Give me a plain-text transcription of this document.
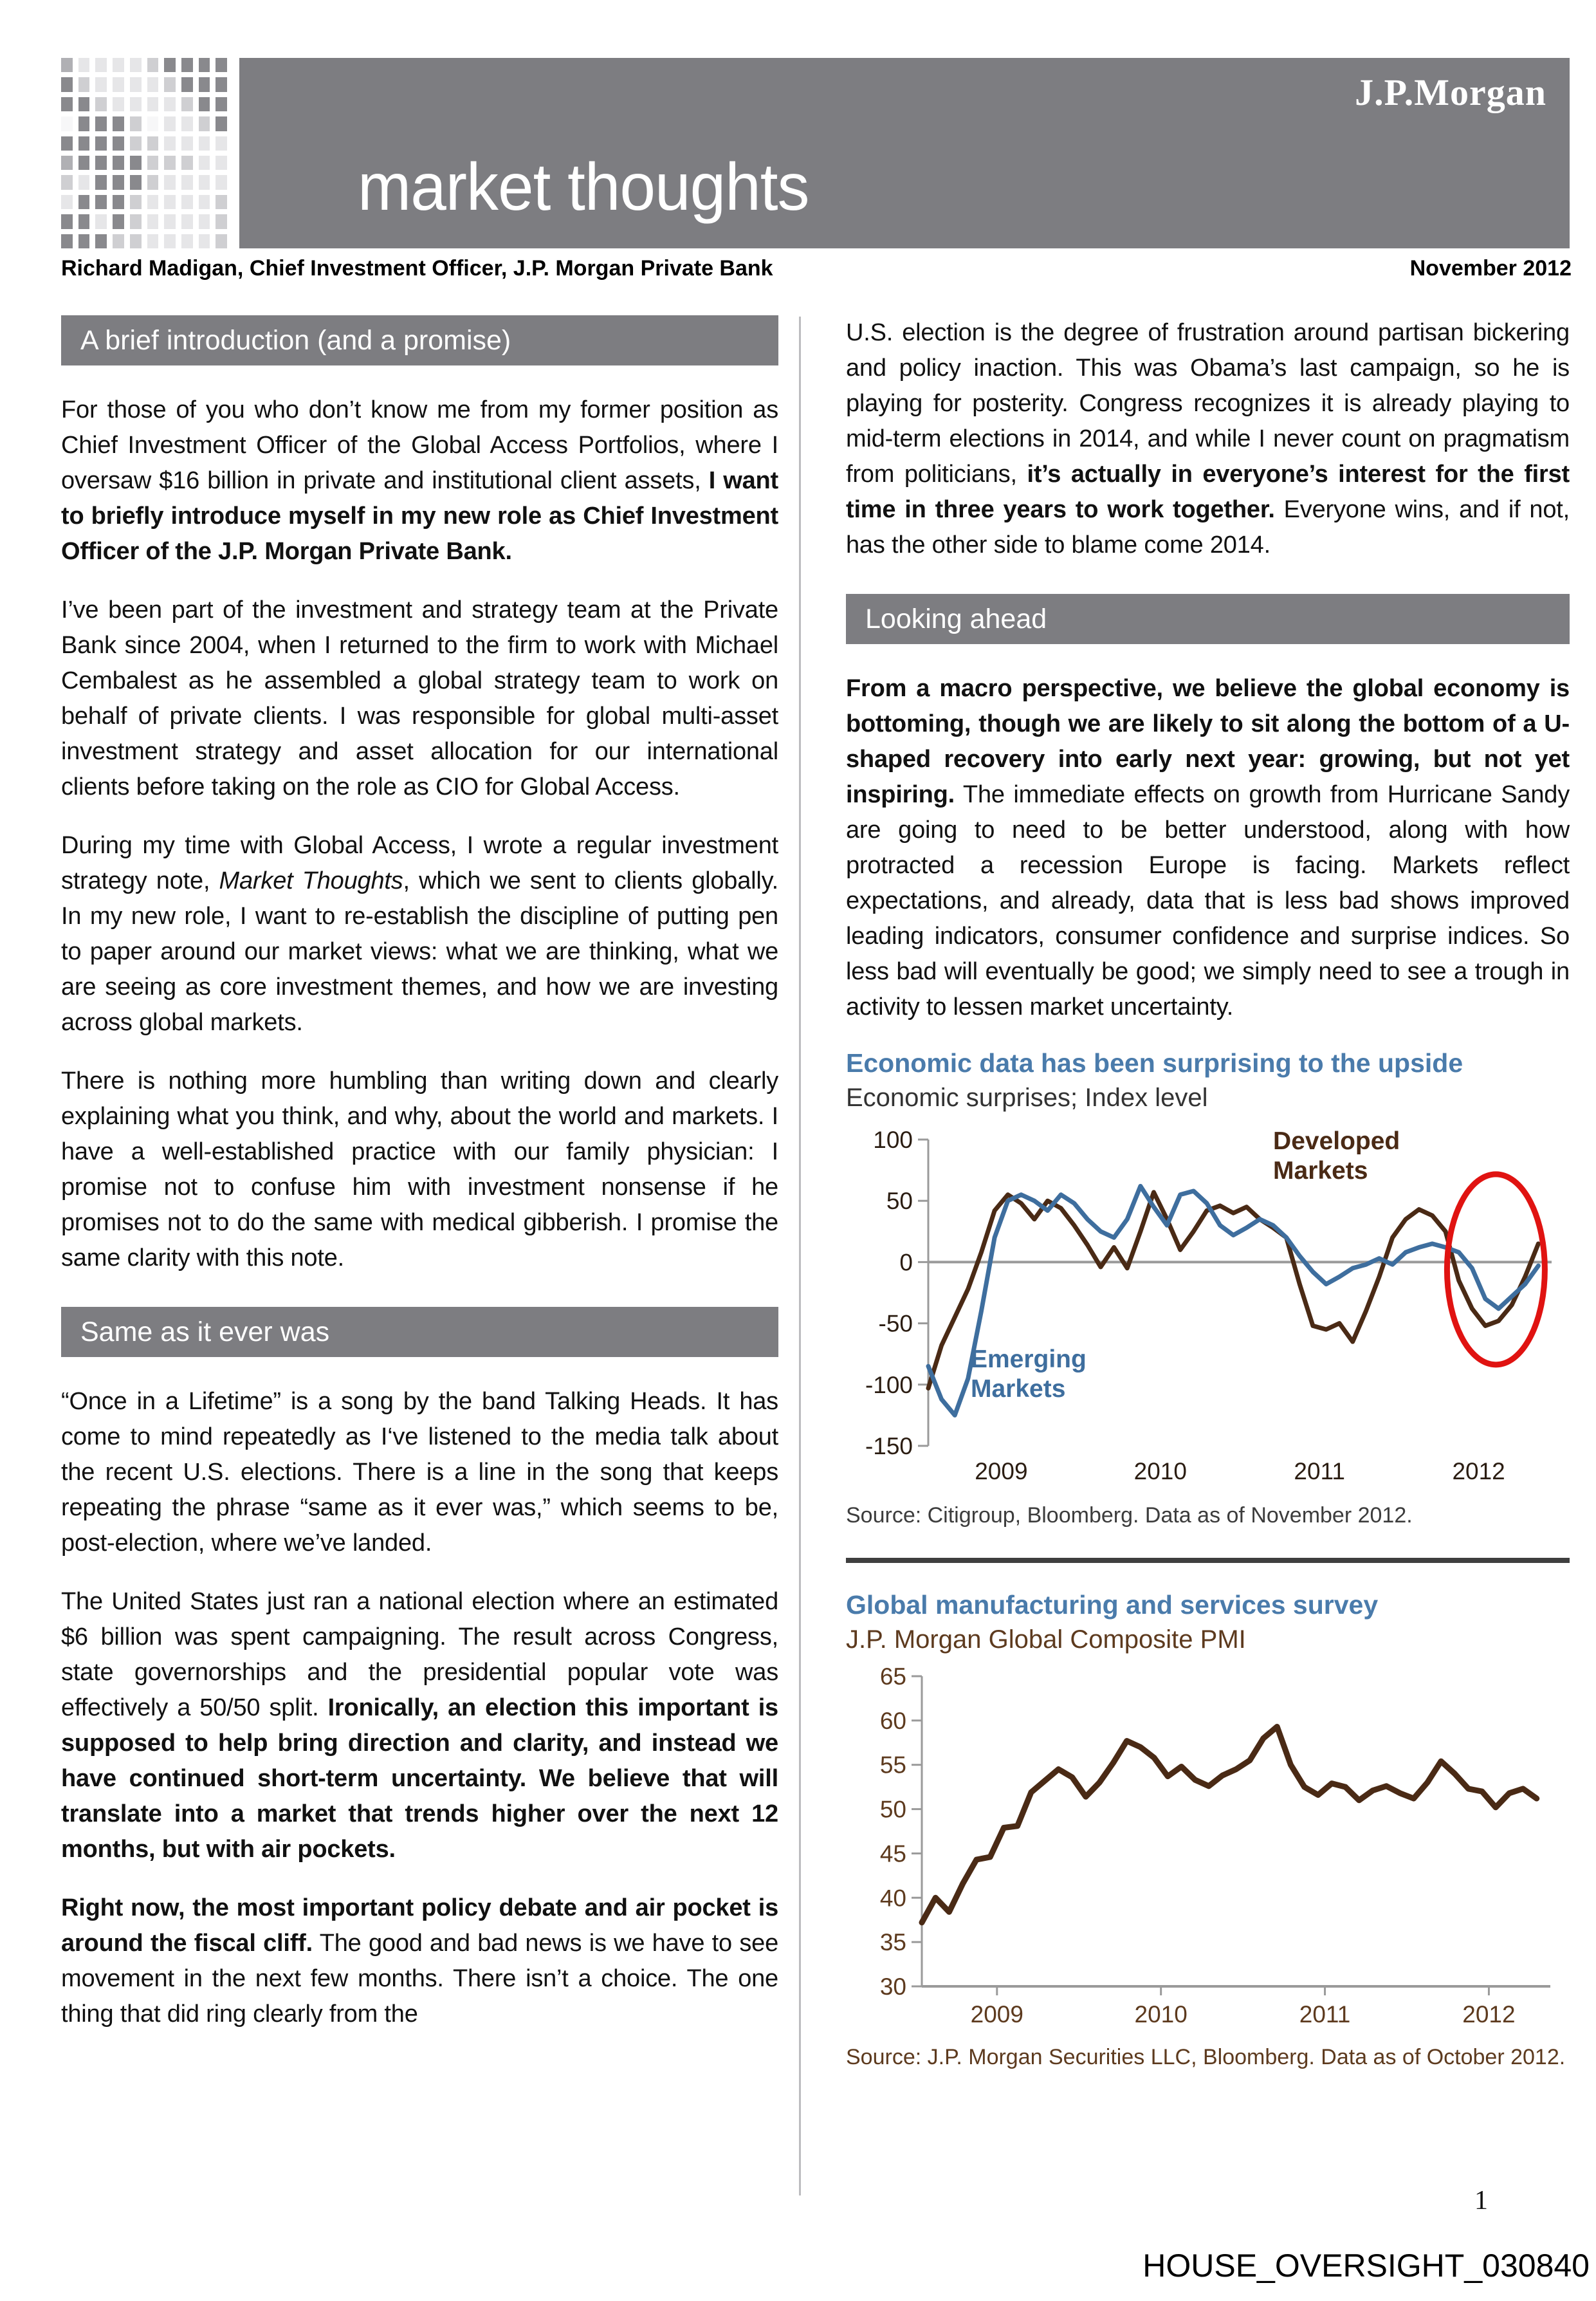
market thoughts
J.P.Morgan
Richard Madigan, Chief Investment Officer, J.P. Morgan Private Bank	November 2012
A brief introduction (and a promise)

For those of you who don’t know me from my former position as Chief Investment Officer of the Global Access Portfolios, where I oversaw $16 billion in private and institutional client assets, I want to briefly introduce myself in my new role as Chief Investment Officer of the J.P. Morgan Private Bank.

I’ve been part of the investment and strategy team at the Private Bank since 2004, when I returned to the firm to work with Michael Cembalest as he assembled a global strategy team to work on behalf of private clients. I was responsible for global multi-asset investment strategy and asset allocation for our international clients before taking on the role as CIO for Global Access.

During my time with Global Access, I wrote a regular investment strategy note, Market Thoughts, which we sent to clients globally. In my new role, I want to re-establish the discipline of putting pen to paper around our market views: what we are thinking, what we are seeing as core investment themes, and how we are investing across global markets.

There is nothing more humbling than writing down and clearly explaining what you think, and why, about the world and markets. I have a well-established practice with our family physician: I promise not to confuse him with investment nonsense if he promises not to do the same with medical gibberish. I promise the same clarity with this note.

Same as it ever was

“Once in a Lifetime” is a song by the band Talking Heads. It has come to mind repeatedly as I‘ve listened to the media talk about the recent U.S. elections. There is a line in the song that keeps repeating the phrase “same as it ever was,” which seems to be, post-election, where we’ve landed.

The United States just ran a national election where an estimated $6 billion was spent campaigning. The result across Congress, state governorships and the presidential popular vote was effectively a 50/50 split. Ironically, an election this important is supposed to help bring direction and clarity, and instead we have continued short-term uncertainty. We believe that will translate into a market that trends higher over the next 12 months, but with air pockets.

Right now, the most important policy debate and air pocket is around the fiscal cliff. The good and bad news is we have to see movement in the next few months. There isn’t a choice. The one thing that did ring clearly from the

U.S. election is the degree of frustration around partisan bickering and policy inaction. This was Obama’s last campaign, so he is playing for posterity. Congress recognizes it is already playing to mid-term elections in 2014, and while I never count on pragmatism from politicians, it’s actually in everyone’s interest for the first time in three years to work together. Everyone wins, and if not, has the other side to blame come 2014.

Looking ahead

From a macro perspective, we believe the global economy is bottoming, though we are likely to sit along the bottom of a U-shaped recovery into early next year: growing, but not yet inspiring. The immediate effects on growth from Hurricane Sandy are going to need to be better understood, along with how protracted a recession Europe is facing. Markets reflect expectations, and already, data that is less bad shows improved leading indicators, consumer confidence and surprise indices. So less bad will eventually be good; we simply need to see a trough in activity to lessen market uncertainty.

Economic data has been surprising to the upside
Economic surprises; Index level
100
50
0
-50
-100
-150
2009	2010	2011	2012
Developed Markets
Emerging Markets
Source: Citigroup, Bloomberg. Data as of November 2012.
Global manufacturing and services survey
J.P. Morgan Global Composite PMI
65
60
55
50
45
40
35
30
2009	2010	2011	2012
Source: J.P. Morgan Securities LLC, Bloomberg. Data as of October 2012.
1
HOUSE_OVERSIGHT_030840
